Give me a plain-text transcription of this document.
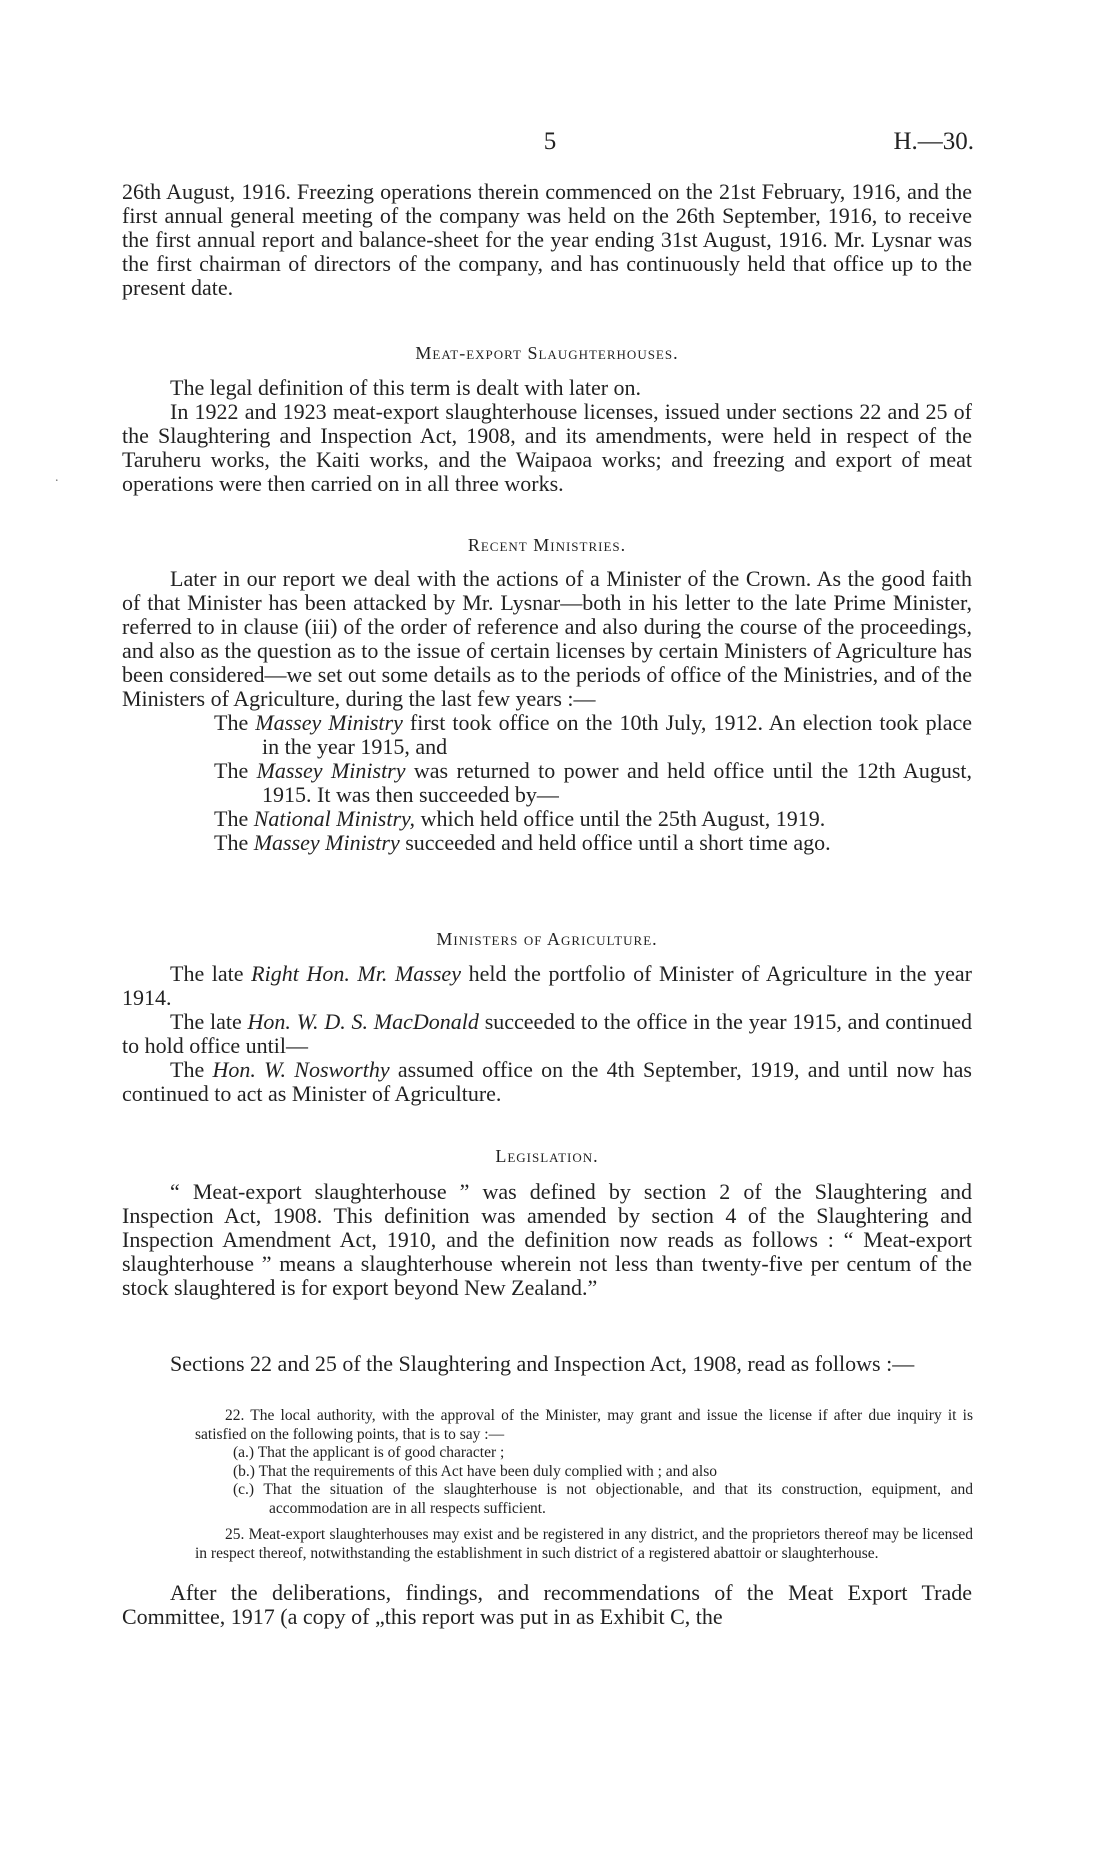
5	H.—30.
.

26th August, 1916. Freezing operations therein commenced on the 21st February, 1916, and the first annual general meeting of the company was held on the 26th September, 1916, to receive the first annual report and balance-sheet for the year ending 31st August, 1916. Mr. Lysnar was the first chairman of directors of the company, and has continuously held that office up to the present date.

Meat-export Slaughterhouses.

The legal definition of this term is dealt with later on.

In 1922 and 1923 meat-export slaughterhouse licenses, issued under sections 22 and 25 of the Slaughtering and Inspection Act, 1908, and its amendments, were held in respect of the Taruheru works, the Kaiti works, and the Waipaoa works; and freezing and export of meat operations were then carried on in all three works.

Recent Ministries.

Later in our report we deal with the actions of a Minister of the Crown. As the good faith of that Minister has been attacked by Mr. Lysnar—both in his letter to the late Prime Minister, referred to in clause (iii) of the order of reference and also during the course of the proceedings, and also as the question as to the issue of certain licenses by certain Ministers of Agriculture has been considered—we set out some details as to the periods of office of the Ministries, and of the Ministers of Agriculture, during the last few years :—

The Massey Ministry first took office on the 10th July, 1912. An election took place in the year 1915, and

The Massey Ministry was returned to power and held office until the 12th August, 1915. It was then succeeded by—

The National Ministry, which held office until the 25th August, 1919.

The Massey Ministry succeeded and held office until a short time ago.

Ministers of Agriculture.

The late Right Hon. Mr. Massey held the portfolio of Minister of Agriculture in the year 1914.

The late Hon. W. D. S. MacDonald succeeded to the office in the year 1915, and continued to hold office until—

The Hon. W. Nosworthy assumed office on the 4th September, 1919, and until now has continued to act as Minister of Agriculture.

Legislation.

“ Meat-export slaughterhouse ” was defined by section 2 of the Slaughtering and Inspection Act, 1908. This definition was amended by section 4 of the Slaughtering and Inspection Amendment Act, 1910, and the definition now reads as follows : “ Meat-export slaughterhouse ” means a slaughterhouse wherein not less than twenty-five per centum of the stock slaughtered is for export beyond New Zealand.”

Sections 22 and 25 of the Slaughtering and Inspection Act, 1908, read as follows :—

22. The local authority, with the approval of the Minister, may grant and issue the license if after due inquiry it is satisfied on the following points, that is to say :—

(a.) That the applicant is of good character ;

(b.) That the requirements of this Act have been duly complied with ; and also

(c.) That the situation of the slaughterhouse is not objectionable, and that its construction, equipment, and accommodation are in all respects sufficient.

25. Meat-export slaughterhouses may exist and be registered in any district, and the proprietors thereof may be licensed in respect thereof, notwithstanding the establishment in such district of a registered abattoir or slaughterhouse.

After the deliberations, findings, and recommendations of the Meat Export Trade Committee, 1917 (a copy of „this report was put in as Exhibit C, the
